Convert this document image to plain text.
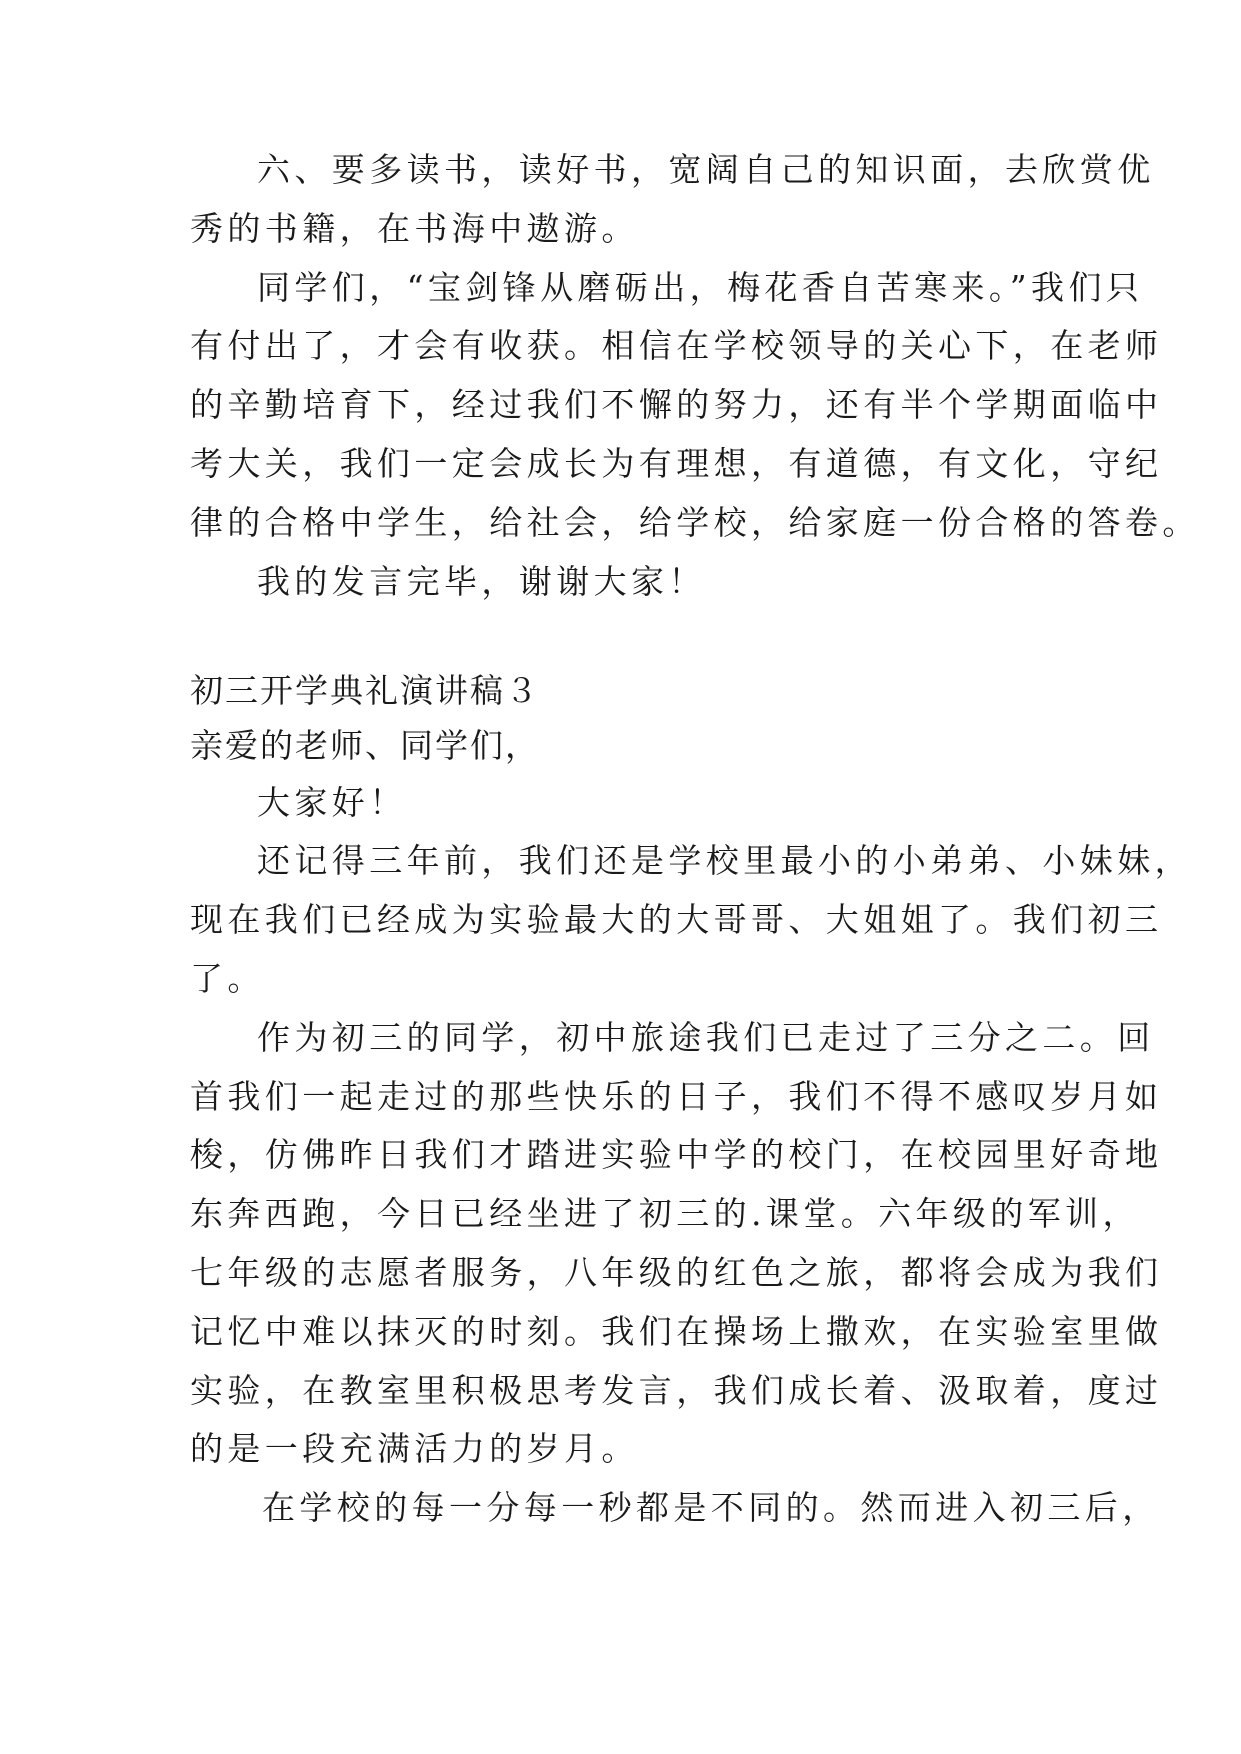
六、要多读书，读好书，宽阔自己的知识面，去欣赏优
秀的书籍，在书海中遨游。
同学们，“宝剑锋从磨砺出，梅花香自苦寒来。”我们只
有付出了，才会有收获。相信在学校领导的关心下，在老师
的辛勤培育下，经过我们不懈的努力，还有半个学期面临中
考大关，我们一定会成长为有理想，有道德，有文化，守纪
律的合格中学生，给社会，给学校，给家庭一份合格的答卷。
我的发言完毕，谢谢大家！
初三开学典礼演讲稿３
亲爱的老师、同学们，
大家好！
还记得三年前，我们还是学校里最小的小弟弟、小妹妹，
现在我们已经成为实验最大的大哥哥、大姐姐了。我们初三
了。
作为初三的同学，初中旅途我们已走过了三分之二。回
首我们一起走过的那些快乐的日子，我们不得不感叹岁月如
梭，仿佛昨日我们才踏进实验中学的校门，在校园里好奇地
东奔西跑，今日已经坐进了初三的.课堂。六年级的军训，
七年级的志愿者服务，八年级的红色之旅，都将会成为我们
记忆中难以抹灭的时刻。我们在操场上撒欢，在实验室里做
实验，在教室里积极思考发言，我们成长着、汲取着，度过
的是一段充满活力的岁月。
在学校的每一分每一秒都是不同的。然而进入初三后，
